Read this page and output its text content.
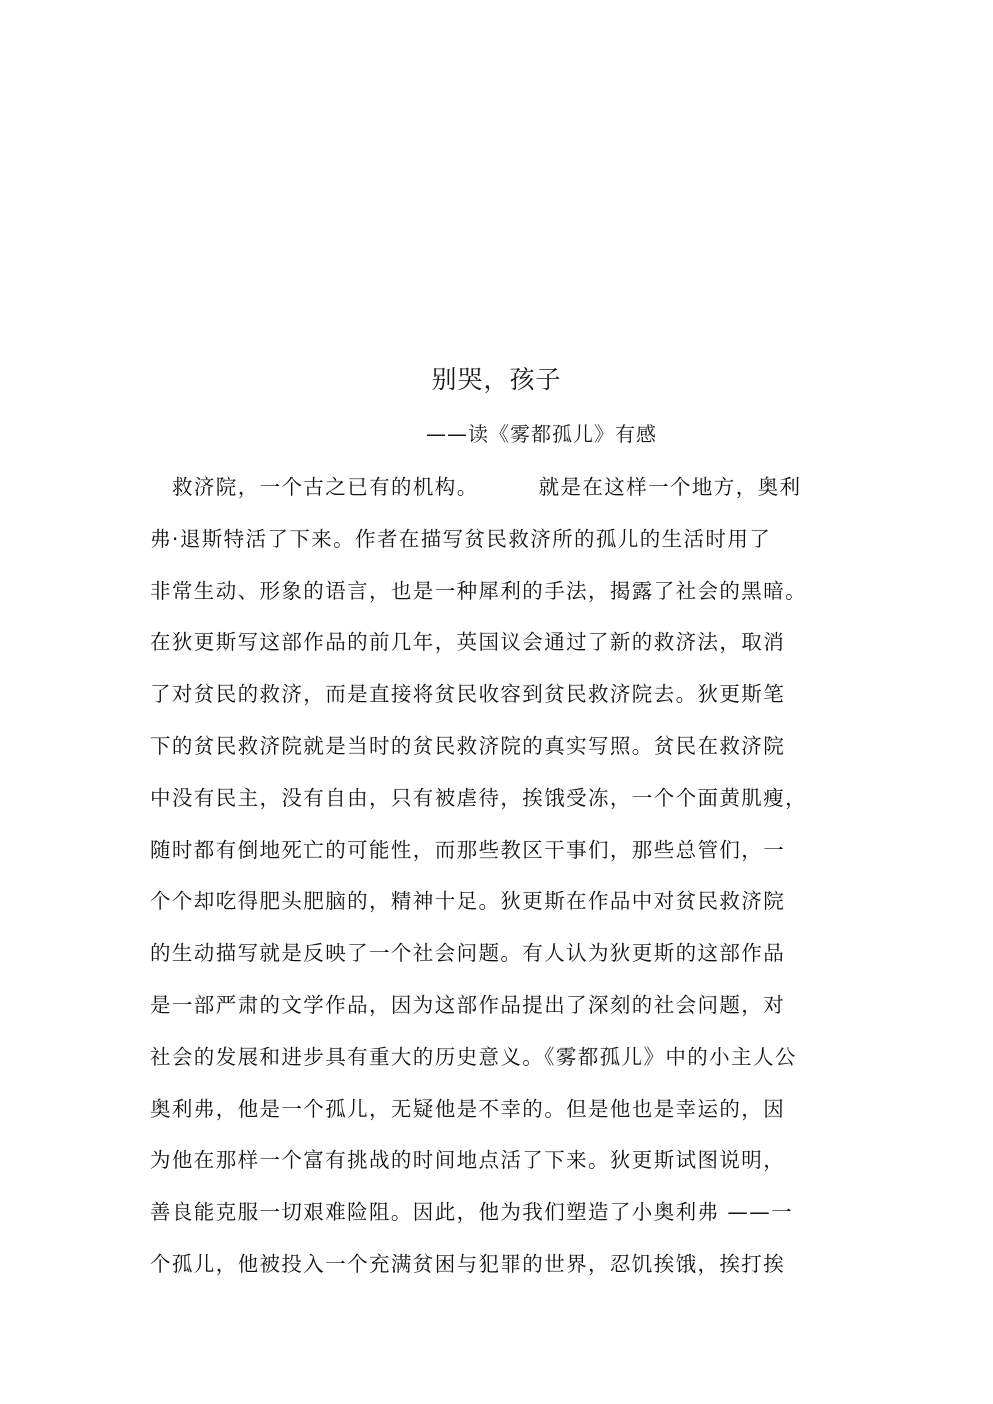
别哭，孩子
——读《雾都孤儿》有感
救济院，一个古之已有的机构。	就是在这样一个地方，奥利
弗·退斯特活了下来。作者在描写贫民救济所的孤儿的生活时用了
非常生动、形象的语言，也是一种犀利的手法，揭露了社会的黑暗。
在狄更斯写这部作品的前几年，英国议会通过了新的救济法，取消
了对贫民的救济，而是直接将贫民收容到贫民救济院去。狄更斯笔
下的贫民救济院就是当时的贫民救济院的真实写照。贫民在救济院
中没有民主，没有自由，只有被虐待，挨饿受冻，一个个面黄肌瘦，
随时都有倒地死亡的可能性，而那些教区干事们，那些总管们，一
个个却吃得肥头肥脑的，精神十足。狄更斯在作品中对贫民救济院
的生动描写就是反映了一个社会问题。有人认为狄更斯的这部作品
是一部严肃的文学作品，因为这部作品提出了深刻的社会问题，对
社会的发展和进步具有重大的历史意义。《雾都孤儿》中的小主人公
奥利弗，他是一个孤儿，无疑他是不幸的。但是他也是幸运的，因
为他在那样一个富有挑战的时间地点活了下来。狄更斯试图说明，
善良能克服一切艰难险阻。因此，他为我们塑造了小奥利弗 ——一
个孤儿，他被投入一个充满贫困与犯罪的世界，忍饥挨饿，挨打挨
